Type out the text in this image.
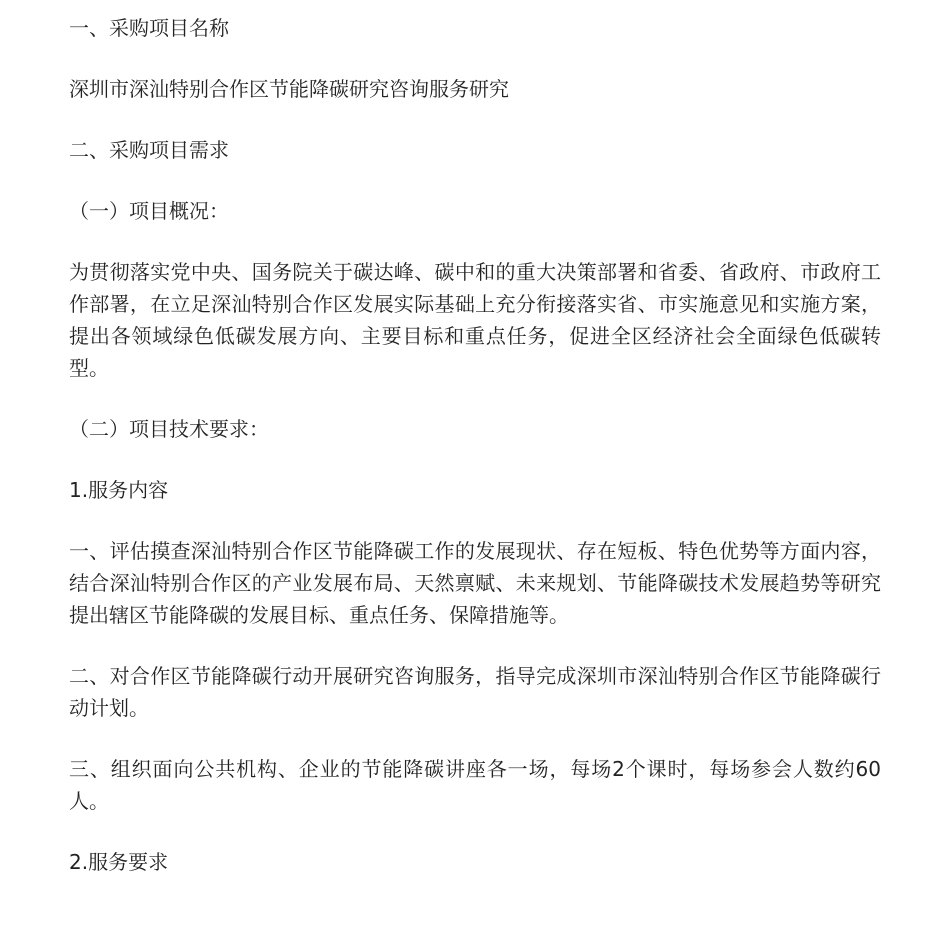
一、采购项目名称

深圳市深汕特别合作区节能降碳研究咨询服务研究

二、采购项目需求

（一）项目概况：

为贯彻落实党中央、国务院关于碳达峰、碳中和的重大决策部署和省委、省政府、市政府工作部署，在立足深汕特别合作区发展实际基础上充分衔接落实省、市实施意见和实施方案，提出各领域绿色低碳发展方向、主要目标和重点任务，促进全区经济社会全面绿色低碳转型。

（二）项目技术要求：

1.服务内容

一、评估摸查深汕特别合作区节能降碳工作的发展现状、存在短板、特色优势等方面内容，结合深汕特别合作区的产业发展布局、天然禀赋、未来规划、节能降碳技术发展趋势等研究提出辖区节能降碳的发展目标、重点任务、保障措施等。

二、对合作区节能降碳行动开展研究咨询服务，指导完成深圳市深汕特别合作区节能降碳行动计划。

三、组织面向公共机构、企业的节能降碳讲座各一场，每场2个课时，每场参会人数约60人。

2.服务要求
